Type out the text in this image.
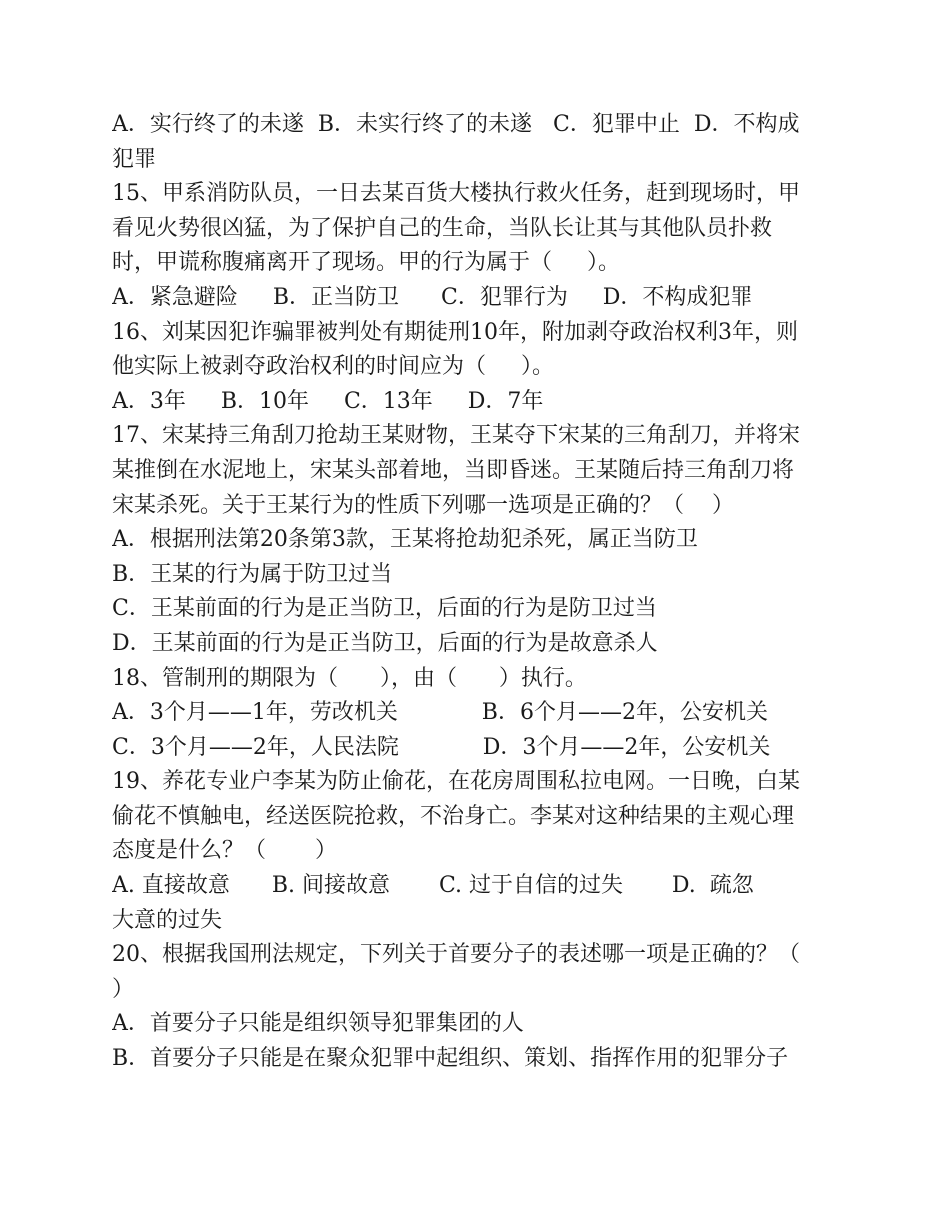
A．实行终了的未遂  B．未实行终了的未遂   C．犯罪中止  D．不构成
犯罪
15、甲系消防队员，一日去某百货大楼执行救火任务，赶到现场时，甲
看见火势很凶猛，为了保护自己的生命，当队长让其与其他队员扑救
时，甲谎称腹痛离开了现场。甲的行为属于（     ）。
A．紧急避险     B．正当防卫      C．犯罪行为     D．不构成犯罪
16、刘某因犯诈骗罪被判处有期徒刑10年，附加剥夺政治权利3年，则
他实际上被剥夺政治权利的时间应为（     ）。
A．3年     B．10年     C．13年     D．7年
17、宋某持三角刮刀抢劫王某财物，王某夺下宋某的三角刮刀，并将宋
某推倒在水泥地上，宋某头部着地，当即昏迷。王某随后持三角刮刀将
宋某杀死。关于王某行为的性质下列哪一选项是正确的？（    ）
A．根据刑法第20条第3款，王某将抢劫犯杀死，属正当防卫
B．王某的行为属于防卫过当
C．王某前面的行为是正当防卫，后面的行为是防卫过当
D．王某前面的行为是正当防卫，后面的行为是故意杀人
18、管制刑的期限为（      ），由（      ）执行。
A．3个月——1年，劳改机关            B．6个月——2年，公安机关
C．3个月——2年，人民法院            D．3个月——2年，公安机关
19、养花专业户李某为防止偷花，在花房周围私拉电网。一日晚，白某
偷花不慎触电，经送医院抢救，不治身亡。李某对这种结果的主观心理
态度是什么？（       ）
A. 直接故意      B. 间接故意       C. 过于自信的过失       D.  疏忽
大意的过失
20、根据我国刑法规定，下列关于首要分子的表述哪一项是正确的？（
）
A．首要分子只能是组织领导犯罪集团的人
B．首要分子只能是在聚众犯罪中起组织、策划、指挥作用的犯罪分子
